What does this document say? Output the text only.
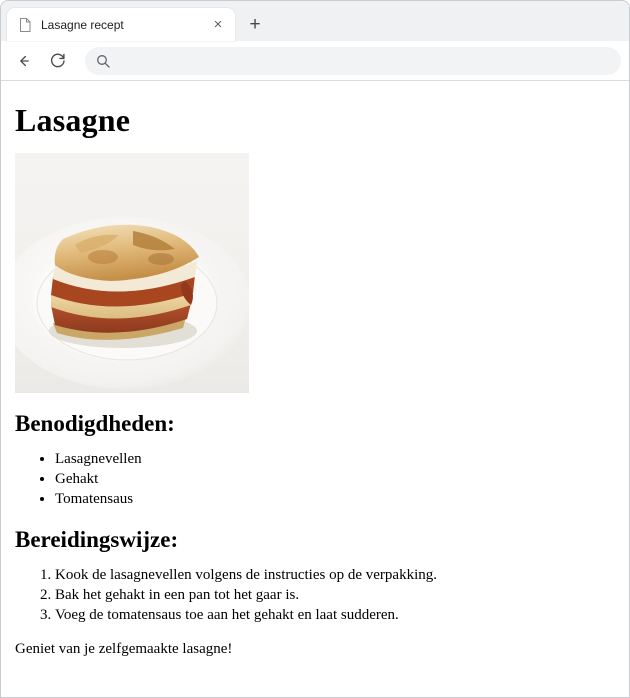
Lasagne recept	×	+
Lasagne
Benodigdheden:
• Lasagnevellen
• Gehakt
• Tomatensaus
Bereidingswijze:
1. Kook de lasagnevellen volgens de instructies op de verpakking.
2. Bak het gehakt in een pan tot het gaar is.
3. Voeg de tomatensaus toe aan het gehakt en laat sudderen.

Geniet van je zelfgemaakte lasagne!
